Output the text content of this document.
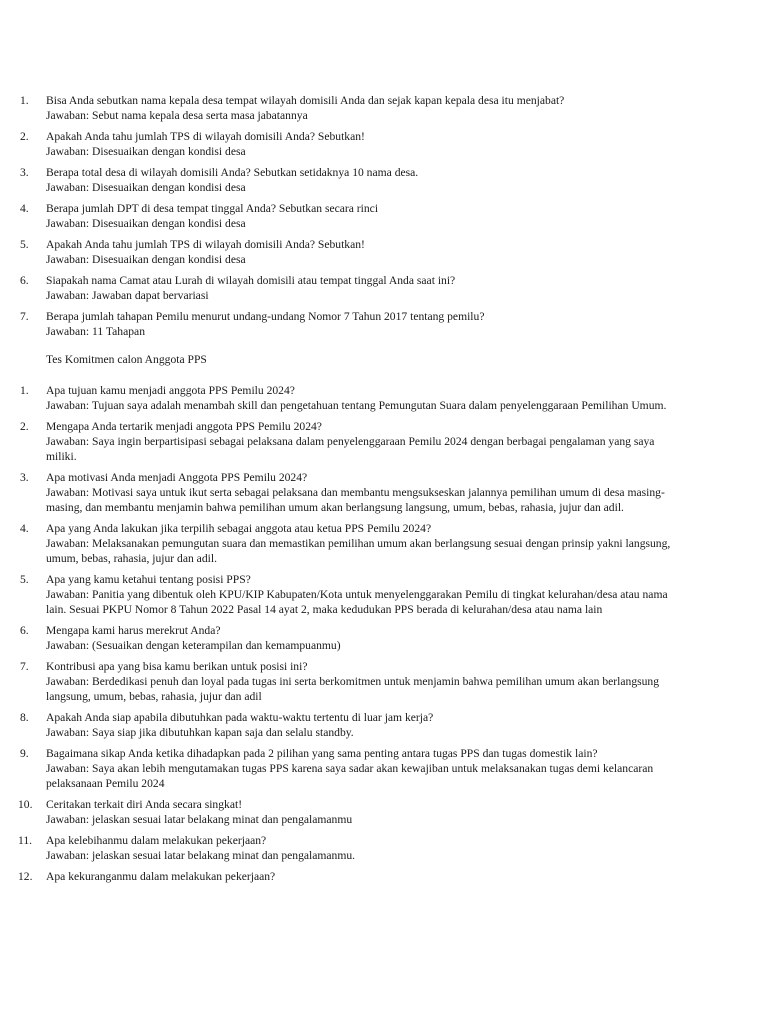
1.	Bisa Anda sebutkan nama kepala desa tempat wilayah domisili Anda dan sejak kapan kepala desa itu menjabat?
Jawaban: Sebut nama kepala desa serta masa jabatannya
2.	Apakah Anda tahu jumlah TPS di wilayah domisili Anda? Sebutkan!
Jawaban: Disesuaikan dengan kondisi desa
3.	Berapa total desa di wilayah domisili Anda? Sebutkan setidaknya 10 nama desa.
Jawaban: Disesuaikan dengan kondisi desa
4.	Berapa jumlah DPT di desa tempat tinggal Anda? Sebutkan secara rinci
Jawaban: Disesuaikan dengan kondisi desa
5.	Apakah Anda tahu jumlah TPS di wilayah domisili Anda? Sebutkan!
Jawaban: Disesuaikan dengan kondisi desa
6.	Siapakah nama Camat atau Lurah di wilayah domisili atau tempat tinggal Anda saat ini?
Jawaban: Jawaban dapat bervariasi
7.	Berapa jumlah tahapan Pemilu menurut undang-undang Nomor 7 Tahun 2017 tentang pemilu?
Jawaban: 11 Tahapan
Tes Komitmen calon Anggota PPS
1.	Apa tujuan kamu menjadi anggota PPS Pemilu 2024?
Jawaban: Tujuan saya adalah menambah skill dan pengetahuan tentang Pemungutan Suara dalam penyelenggaraan Pemilihan Umum.
2.	Mengapa Anda tertarik menjadi anggota PPS Pemilu 2024?
Jawaban: Saya ingin berpartisipasi sebagai pelaksana dalam penyelenggaraan Pemilu 2024 dengan berbagai pengalaman yang saya miliki.
3.	Apa motivasi Anda menjadi Anggota PPS Pemilu 2024?
Jawaban: Motivasi saya untuk ikut serta sebagai pelaksana dan membantu mengsukseskan jalannya pemilihan umum di desa masing-masing, dan membantu menjamin bahwa pemilihan umum akan berlangsung langsung, umum, bebas, rahasia, jujur dan adil.
4.	Apa yang Anda lakukan jika terpilih sebagai anggota atau ketua PPS Pemilu 2024?
Jawaban: Melaksanakan pemungutan suara dan memastikan pemilihan umum akan berlangsung sesuai dengan prinsip yakni langsung, umum, bebas, rahasia, jujur dan adil.
5.	Apa yang kamu ketahui tentang posisi PPS?
Jawaban: Panitia yang dibentuk oleh KPU/KIP Kabupaten/Kota untuk menyelenggarakan Pemilu di tingkat kelurahan/desa atau nama lain. Sesuai PKPU Nomor 8 Tahun 2022 Pasal 14 ayat 2, maka kedudukan PPS berada di kelurahan/desa atau nama lain
6.	Mengapa kami harus merekrut Anda?
Jawaban: (Sesuaikan dengan keterampilan dan kemampuanmu)
7.	Kontribusi apa yang bisa kamu berikan untuk posisi ini?
Jawaban: Berdedikasi penuh dan loyal pada tugas ini serta berkomitmen untuk menjamin bahwa pemilihan umum akan berlangsung langsung, umum, bebas, rahasia, jujur dan adil
8.	Apakah Anda siap apabila dibutuhkan pada waktu-waktu tertentu di luar jam kerja?
Jawaban: Saya siap jika dibutuhkan kapan saja dan selalu standby.
9.	Bagaimana sikap Anda ketika dihadapkan pada 2 pilihan yang sama penting antara tugas PPS dan tugas domestik lain?
Jawaban: Saya akan lebih mengutamakan tugas PPS karena saya sadar akan kewajiban untuk melaksanakan tugas demi kelancaran pelaksanaan Pemilu 2024
10.	Ceritakan terkait diri Anda secara singkat!
Jawaban: jelaskan sesuai latar belakang minat dan pengalamanmu
11.	Apa kelebihanmu dalam melakukan pekerjaan?
Jawaban: jelaskan sesuai latar belakang minat dan pengalamanmu.
12.	Apa kekuranganmu dalam melakukan pekerjaan?
